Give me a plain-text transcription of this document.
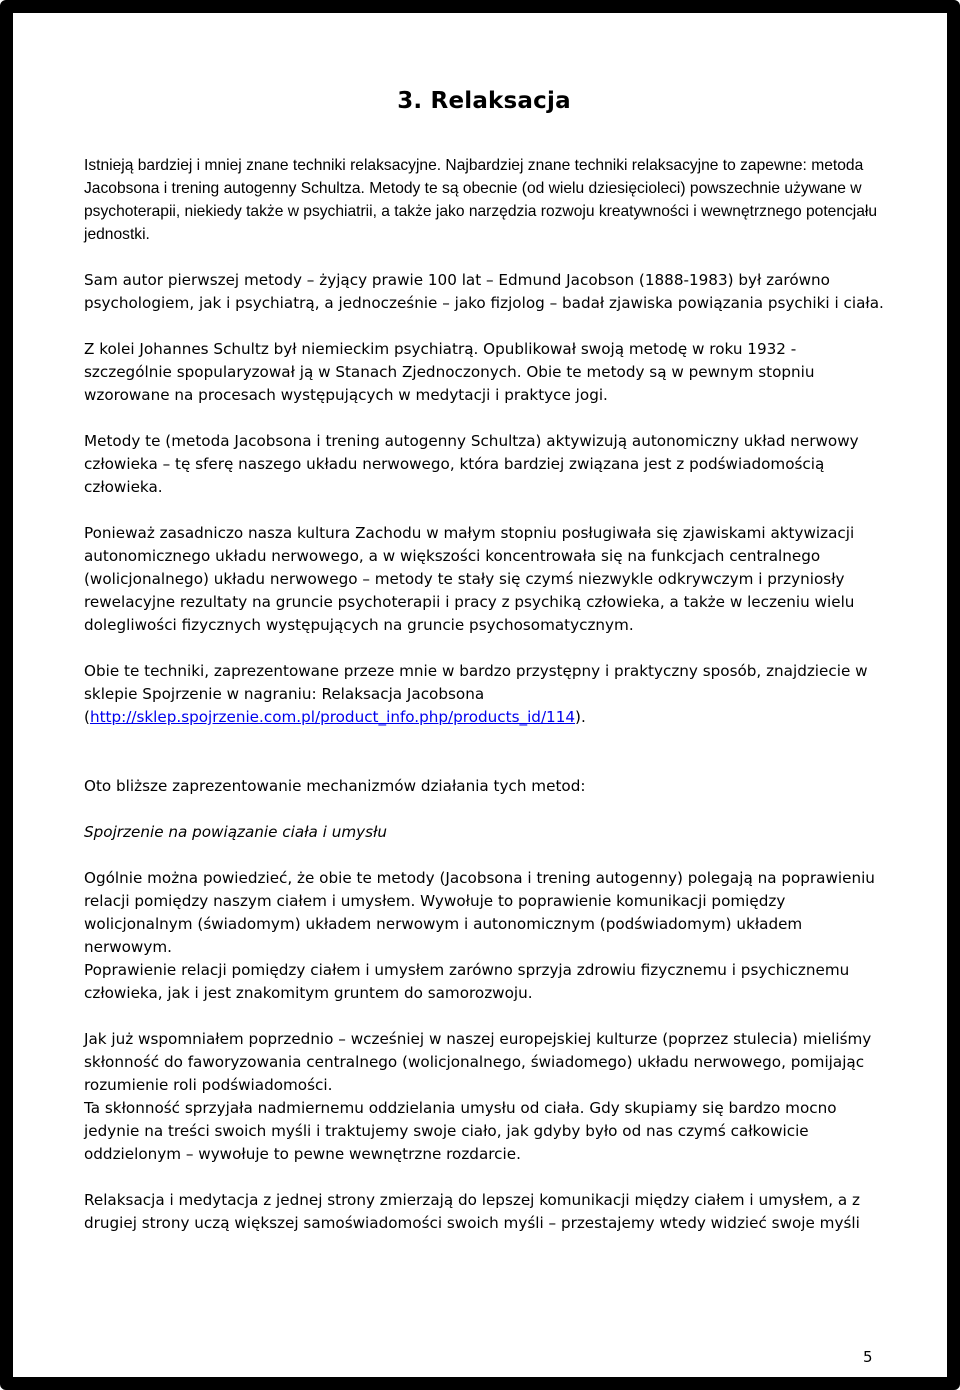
3. Relaksacja

Istnieją bardziej i mniej znane techniki relaksacyjne. Najbardziej znane techniki relaksacyjne to zapewne: metoda Jacobsona i trening autogenny Schultza. Metody te są obecnie (od wielu dziesięcioleci) powszechnie używane w psychoterapii, niekiedy także w psychiatrii, a także jako narzędzia rozwoju kreatywności i wewnętrznego potencjału jednostki.

Sam autor pierwszej metody – żyjący prawie 100 lat – Edmund Jacobson (1888-1983) był zarówno psychologiem, jak i psychiatrą, a jednocześnie – jako fizjolog – badał zjawiska powiązania psychiki i ciała.

Z kolei Johannes Schultz był niemieckim psychiatrą. Opublikował swoją metodę w roku 1932 - szczególnie spopularyzował ją w Stanach Zjednoczonych. Obie te metody są w pewnym stopniu wzorowane na procesach występujących w medytacji i praktyce jogi.

Metody te (metoda Jacobsona i trening autogenny Schultza) aktywizują autonomiczny układ nerwowy człowieka – tę sferę naszego układu nerwowego, która bardziej związana jest z podświadomością człowieka.

Ponieważ zasadniczo nasza kultura Zachodu w małym stopniu posługiwała się zjawiskami aktywizacji autonomicznego układu nerwowego, a w większości koncentrowała się na funkcjach centralnego (wolicjonalnego) układu nerwowego – metody te stały się czymś niezwykle odkrywczym i przyniosły rewelacyjne rezultaty na gruncie psychoterapii i pracy z psychiką człowieka, a także w leczeniu wielu dolegliwości fizycznych występujących na gruncie psychosomatycznym.

Obie te techniki, zaprezentowane przeze mnie w bardzo przystępny i praktyczny sposób, znajdziecie w sklepie Spojrzenie w nagraniu: Relaksacja Jacobsona
(http://sklep.spojrzenie.com.pl/product_info.php/products_id/114).

Oto bliższe zaprezentowanie mechanizmów działania tych metod:

Spojrzenie na powiązanie ciała i umysłu

Ogólnie można powiedzieć, że obie te metody (Jacobsona i trening autogenny) polegają na poprawieniu relacji pomiędzy naszym ciałem i umysłem. Wywołuje to poprawienie komunikacji pomiędzy wolicjonalnym (świadomym) układem nerwowym i autonomicznym (podświadomym) układem nerwowym.
Poprawienie relacji pomiędzy ciałem i umysłem zarówno sprzyja zdrowiu fizycznemu i psychicznemu człowieka, jak i jest znakomitym gruntem do samorozwoju.

Jak już wspomniałem poprzednio – wcześniej w naszej europejskiej kulturze (poprzez stulecia) mieliśmy skłonność do faworyzowania centralnego (wolicjonalnego, świadomego) układu nerwowego, pomijając rozumienie roli podświadomości.
Ta skłonność sprzyjała nadmiernemu oddzielania umysłu od ciała. Gdy skupiamy się bardzo mocno jedynie na treści swoich myśli i traktujemy swoje ciało, jak gdyby było od nas czymś całkowicie oddzielonym – wywołuje to pewne wewnętrzne rozdarcie.

Relaksacja i medytacja z jednej strony zmierzają do lepszej komunikacji między ciałem i umysłem, a z drugiej strony uczą większej samoświadomości swoich myśli – przestajemy wtedy widzieć swoje myśli

5
